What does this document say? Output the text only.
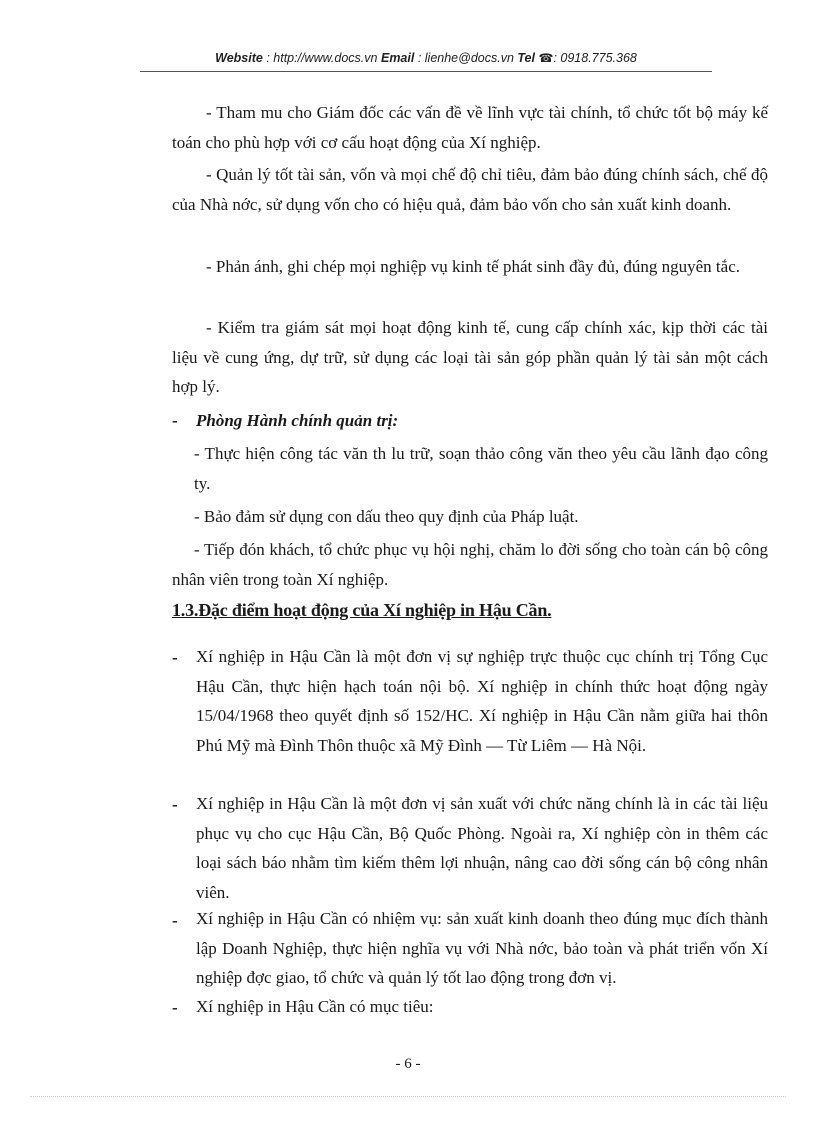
Website : http://www.docs.vn Email : lienhe@docs.vn Tel ☎: 0918.775.368

- Tham mu cho Giám đốc các vấn đề về lĩnh vực tài chính, tổ chức tốt bộ máy kế toán cho phù hợp với cơ cấu hoạt động của Xí nghiệp.

- Quản lý tốt tài sản, vốn và mọi chế độ chỉ tiêu, đảm bảo đúng chính sách, chế độ của Nhà nớc, sử dụng vốn cho có hiệu quả, đảm bảo vốn cho sản xuất kinh doanh.

- Phản ánh, ghi chép mọi nghiệp vụ kinh tế phát sinh đầy đủ, đúng nguyên tắc.

- Kiểm tra giám sát mọi hoạt động kinh tế, cung cấp chính xác, kịp thời các tài liệu về cung ứng, dự trữ, sử dụng các loại tài sản góp phần quản lý tài sản một cách hợp lý.

- Phòng Hành chính quản trị:
- Thực hiện công tác văn th lu trữ, soạn thảo công văn theo yêu cầu lãnh đạo công ty.
- Bảo đảm sử dụng con dấu theo quy định của Pháp luật.
- Tiếp đón khách, tổ chức phục vụ hội nghị, chăm lo đời sống cho toàn cán bộ công nhân viên trong toàn Xí nghiệp.
1.3.Đặc điểm hoạt động của Xí nghiệp in Hậu Cần.
- Xí nghiệp in Hậu Cần là một đơn vị sự nghiệp trực thuộc cục chính trị Tổng Cục Hậu Cần, thực hiện hạch toán nội bộ. Xí nghiệp in chính thức hoạt động ngày 15/04/1968 theo quyết định số 152/HC. Xí nghiệp in Hậu Cần nằm giữa hai thôn Phú Mỹ mà Đình Thôn thuộc xã Mỹ Đình — Từ Liêm — Hà Nội.
- Xí nghiệp in Hậu Cần là một đơn vị sản xuất với chức năng chính là in các tài liệu phục vụ cho cục Hậu Cần, Bộ Quốc Phòng. Ngoài ra, Xí nghiệp còn in thêm các loại sách báo nhằm tìm kiếm thêm lợi nhuận, nâng cao đời sống cán bộ công nhân viên.
- Xí nghiệp in Hậu Cần có nhiệm vụ: sản xuất kinh doanh theo đúng mục đích thành lập Doanh Nghiệp, thực hiện nghĩa vụ với Nhà nớc, bảo toàn và phát triển vốn Xí nghiệp đợc giao, tổ chức và quản lý tốt lao động trong đơn vị.
- Xí nghiệp in Hậu Cần có mục tiêu:
- 6 -
